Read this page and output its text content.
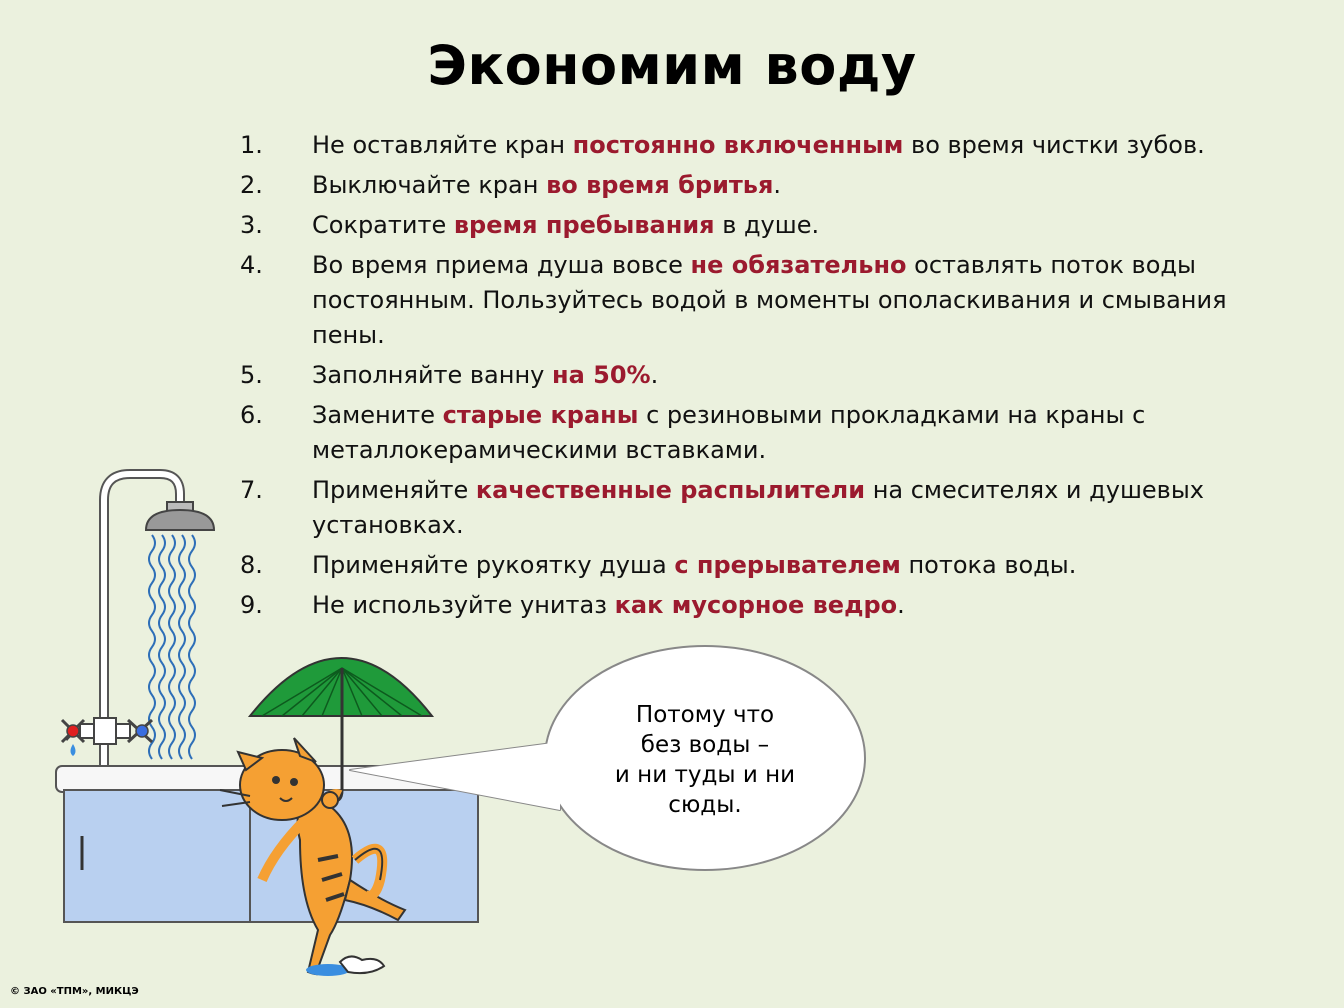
Экономим воду
1.	Не оставляйте кран постоянно включенным во время чистки зубов.
2.	Выключайте кран во время бритья.
3.	Сократите время пребывания в душе.
4.	Во время приема душа вовсе не обязательно оставлять поток воды постоянным. Пользуйтесь водой в моменты ополаскивания и смывания пены.
5.	Заполняйте ванну на 50%.
6.	Замените старые краны с резиновыми прокладками на краны с металлокерамическими вставками.
7.	Применяйте качественные распылители на смесителях и душевых установках.
8.	Применяйте рукоятку душа с прерывателем потока воды.
9.	Не используйте унитаз как мусорное ведро.
Потому что
без воды –
и ни туды и ни
сюды.
© ЗАО «ТПМ», МИКЦЭ
